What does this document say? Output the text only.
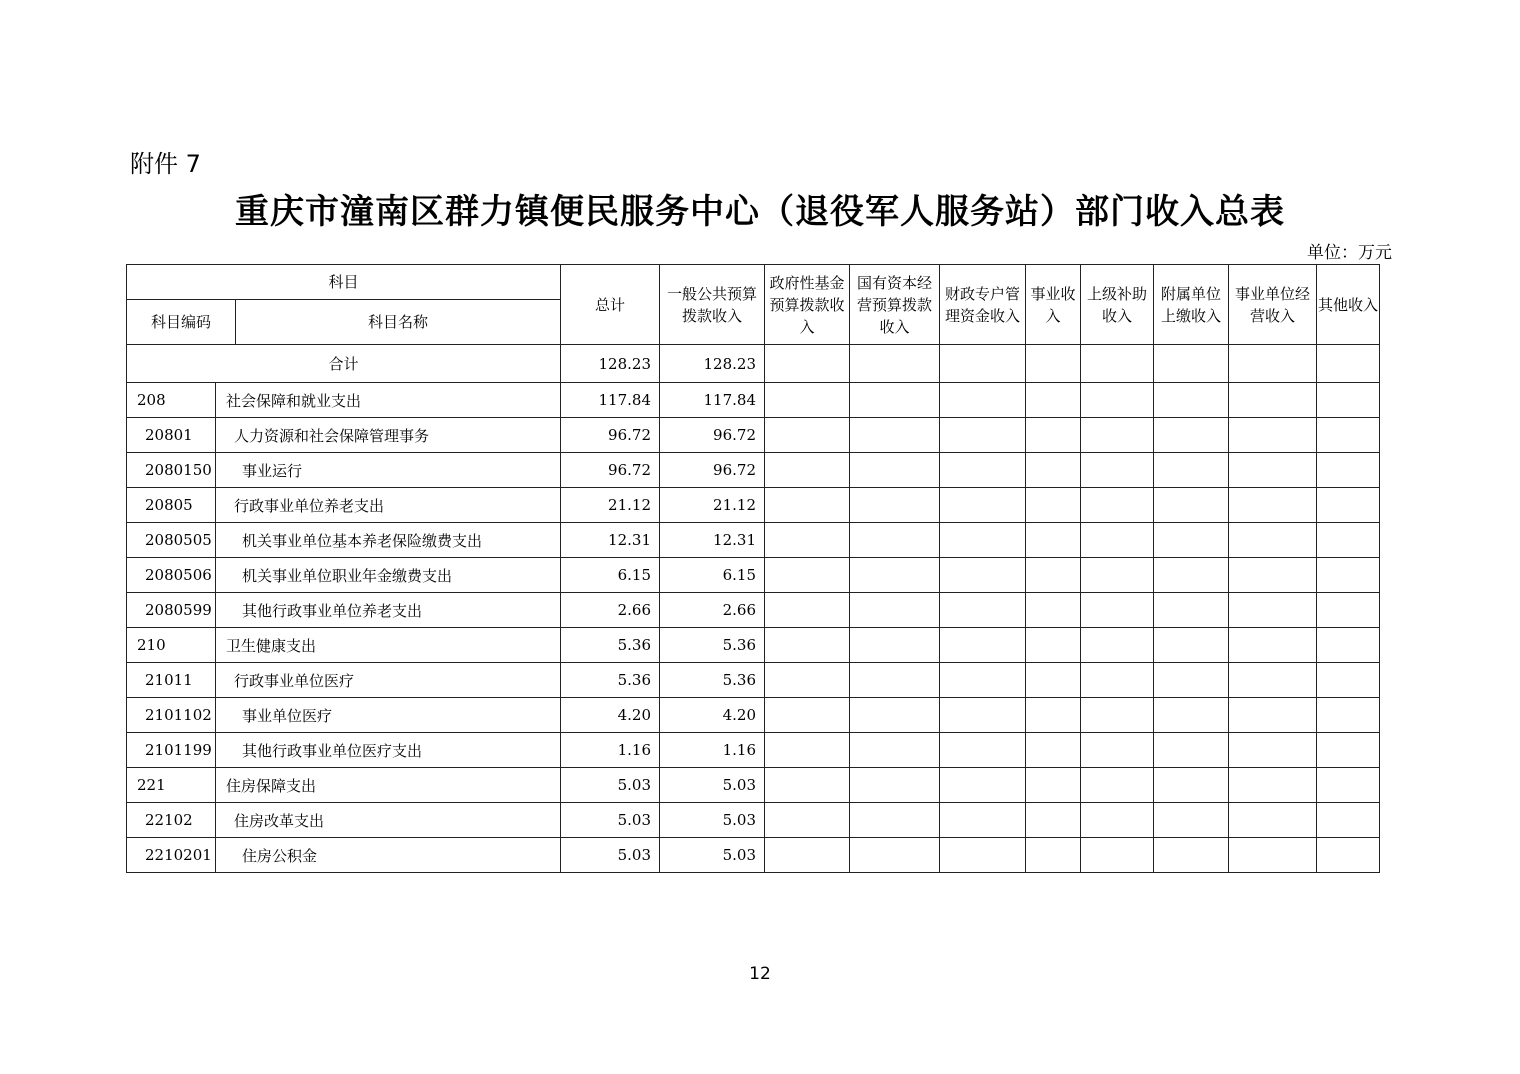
附件 7
重庆市潼南区群力镇便民服务中心（退役军人服务站）部门收入总表
单位：万元
科目			总计	一般公共预算拨款收入	政府性基金预算拨款收入	国有资本经营预算拨款收入	财政专户管理资金收入	事业收入	上级补助收入	附属单位上缴收入	事业单位经营收入	其他收入
科目编码		科目名称										
合计			128.23	128.23								
208	社会保障和就业支出		117.84	117.84								
20801	人力资源和社会保障管理事务		96.72	96.72								
2080150	事业运行		96.72	96.72								
20805	行政事业单位养老支出		21.12	21.12								
2080505	机关事业单位基本养老保险缴费支出		12.31	12.31								
2080506	机关事业单位职业年金缴费支出		6.15	6.15								
2080599	其他行政事业单位养老支出		2.66	2.66								
210	卫生健康支出		5.36	5.36								
21011	行政事业单位医疗		5.36	5.36								
2101102	事业单位医疗		4.20	4.20								
2101199	其他行政事业单位医疗支出		1.16	1.16								
221	住房保障支出		5.03	5.03								
22102	住房改革支出		5.03	5.03								
2210201	住房公积金		5.03	5.03								
12
